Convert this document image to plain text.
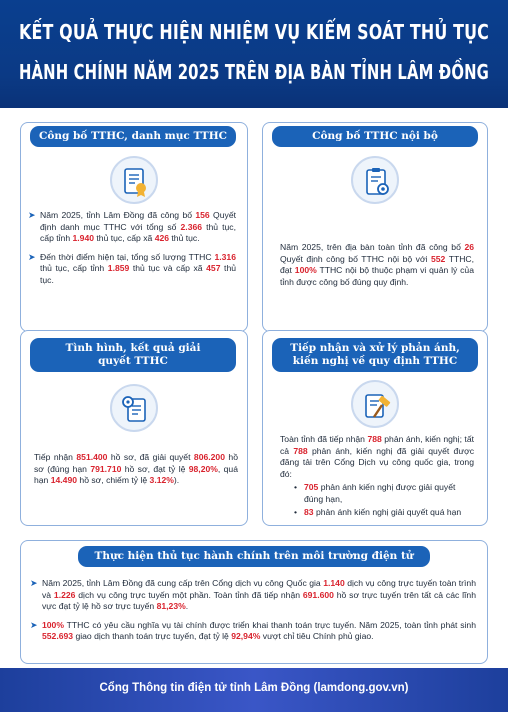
KẾT QUẢ THỰC HIỆN NHIỆM VỤ KIỂM SOÁT THỦ TỤC
HÀNH CHÍNH NĂM 2025 TRÊN ĐỊA BÀN TỈNH LÂM ĐỒNG
Công bố TTHC, danh mục TTHC
➤ Năm 2025, tỉnh Lâm Đồng đã công bố 156 Quyết định danh mục TTHC với tổng số 2.366 thủ tục, cấp tỉnh 1.940 thủ tục, cấp xã 426 thủ tục.
➤ Đến thời điểm hiện tại, tổng số lượng TTHC 1.316 thủ tục, cấp tỉnh 1.859 thủ tục và cấp xã 457 thủ tục.
Công bố TTHC nội bộ
Năm 2025, trên địa bàn toàn tỉnh đã công bố 26 Quyết định công bố TTHC nội bộ với 552 TTHC, đạt 100% TTHC nội bộ thuộc phạm vi quản lý của tỉnh được công bố đúng quy định.
Tình hình, kết quả giải quyết TTHC
Tiếp nhận 851.400 hồ sơ, đã giải quyết 806.200 hồ sơ (đúng hạn 791.710 hồ sơ, đạt tỷ lệ 98,20%, quá hạn 14.490 hồ sơ, chiếm tỷ lệ 3.12%).
Tiếp nhận và xử lý phản ánh, kiến nghị về quy định TTHC
Toàn tỉnh đã tiếp nhận 788 phản ánh, kiến nghị; tất cả 788 phản ánh, kiến nghị đã giải quyết được đăng tải trên Cổng Dịch vụ công quốc gia, trong đó:
• 705 phản ánh kiến nghị được giải quyết đúng hạn,
• 83 phản ánh kiến nghị giải quyết quá hạn
Thực hiện thủ tục hành chính trên môi trường điện tử
➤ Năm 2025, tỉnh Lâm Đồng đã cung cấp trên Cổng dịch vụ công Quốc gia 1.140 dịch vụ công trực tuyến toàn trình và 1.226 dịch vụ công trực tuyến một phần. Toàn tỉnh đã tiếp nhận 691.600 hồ sơ trực tuyến trên tất cả các lĩnh vực đạt tỷ lệ hồ sơ trực tuyến 81,23%.
➤ 100% TTHC có yêu cầu nghĩa vụ tài chính được triển khai thanh toán trực tuyến. Năm 2025, toàn tỉnh phát sinh 552.693 giao dịch thanh toán trực tuyến, đạt tỷ lệ 92,94% vượt chỉ tiêu Chính phủ giao.
Cổng Thông tin điện tử tỉnh Lâm Đồng (lamdong.gov.vn)
